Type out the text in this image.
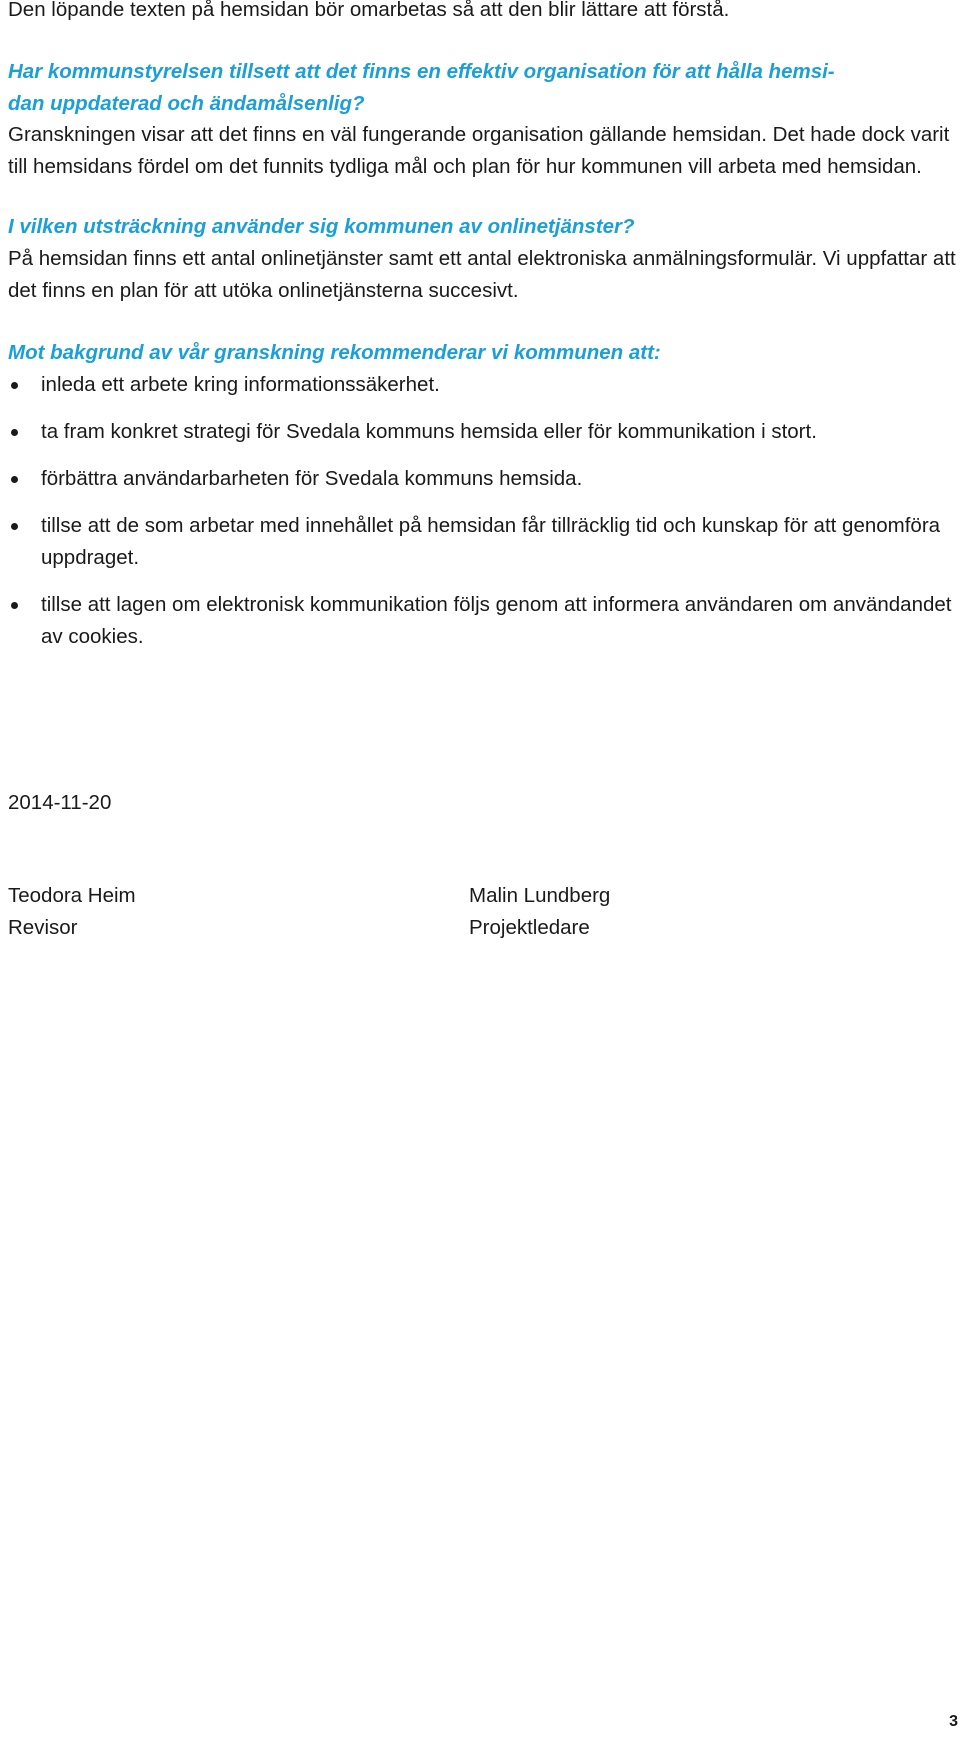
Den löpande texten på hemsidan bör omarbetas så att den blir lättare att förstå.

Har kommunstyrelsen tillsett att det finns en effektiv organisation för att hålla hemsi-

dan uppdaterad och ändamålsenlig?

Granskningen visar att det finns en väl fungerande organisation gällande hemsidan. Det hade dock varit till hemsidans fördel om det funnits tydliga mål och plan för hur kommunen vill arbeta med hemsidan.

I vilken utsträckning använder sig kommunen av onlinetjänster?

På hemsidan finns ett antal onlinetjänster samt ett antal elektroniska anmälningsformulär. Vi uppfattar att det finns en plan för att utöka onlinetjänsterna succesivt.

Mot bakgrund av vår granskning rekommenderar vi kommunen att:

inleda ett arbete kring informationssäkerhet.
ta fram konkret strategi för Svedala kommuns hemsida eller för kommunikation i stort.
förbättra användarbarheten för Svedala kommuns hemsida.
tillse att de som arbetar med innehållet på hemsidan får tillräcklig tid och kunskap för att genomföra uppdraget.
tillse att lagen om elektronisk kommunikation följs genom att informera användaren om användandet av cookies.
2014-11-20
Teodora Heim
Revisor
Malin Lundberg
Projektledare
3
